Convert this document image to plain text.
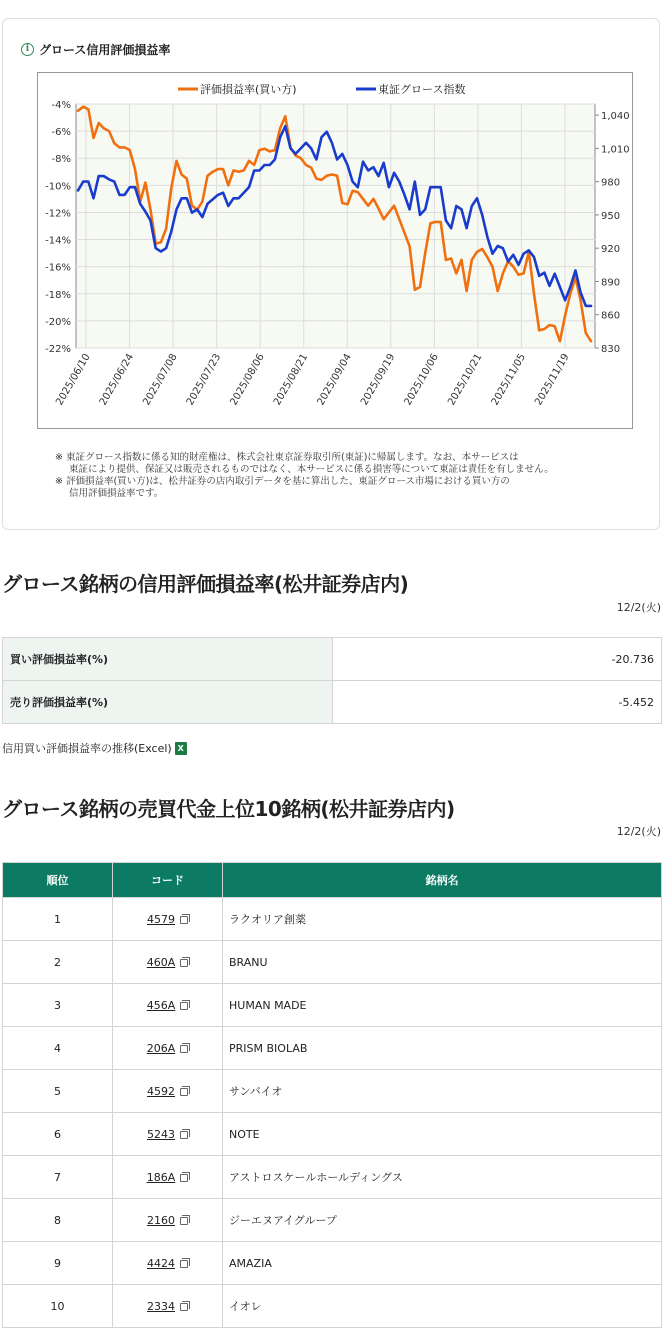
i グロース信用評価損益率
-4%
-6%
-8%
-10%
-12%
-14%
-16%
-18%
-20%
-22%
1,040
1,010
980
950
920
890
860
830
2025/06/10 2025/06/24 2025/07/08 2025/07/23 2025/08/06 2025/08/21 2025/09/04 2025/09/19 2025/10/06 2025/10/21 2025/11/05 2025/11/19
評価損益率(買い方)	東証グロース指数

※ 東証グロース指数に係る知的財産権は、株式会社東京証券取引所(東証)に帰属します。なお、本サービスは

東証により提供、保証又は販売されるものではなく、本サービスに係る損害等について東証は責任を有しません。

※ 評価損益率(買い方)は、松井証券の店内取引データを基に算出した、東証グロース市場における買い方の

信用評価損益率です。

グロース銘柄の信用評価損益率(松井証券店内)
12/2(火)
買い評価損益率(%)	-20.736
売り評価損益率(%)	-5.452
信用買い評価損益率の推移(Excel) X
グロース銘柄の売買代金上位10銘柄(松井証券店内)
12/2(火)
順位	コード	銘柄名
1	4579	ラクオリア創薬
2	460A	BRANU
3	456A	HUMAN MADE
4	206A	PRISM BIOLAB
5	4592	サンバイオ
6	5243	NOTE
7	186A	アストロスケールホールディングス
8	2160	ジーエヌアイグループ
9	4424	AMAZIA
10	2334	イオレ
